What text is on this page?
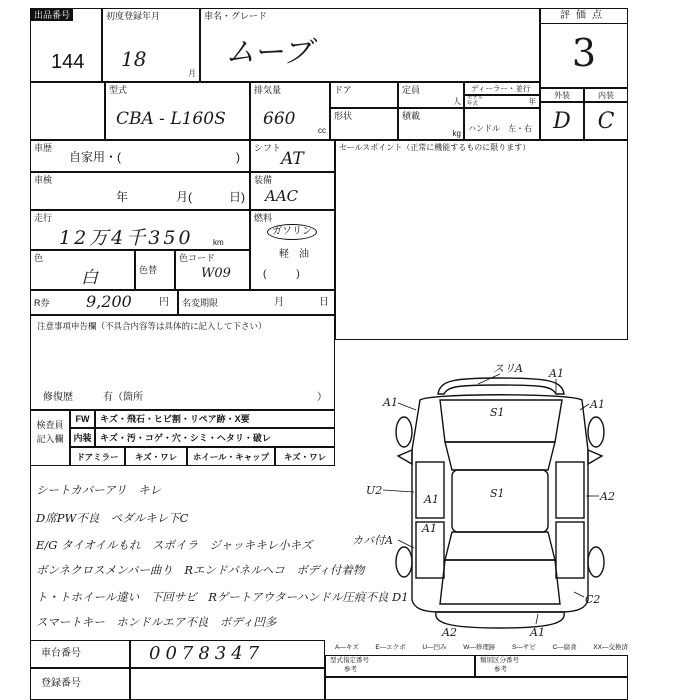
出品番号
144
初度登録年月
18
月
車名・グレード
ムーブ
評価点
3
外装	内装
D	C
型式
CBA - L160S
排気量
660
cc
ドア	定員
人
ディーラー・並行
モデル
年式	年
形状	積載
kg
ハンドル　左・右
車歴
自家用・(	)
シフト
AT
セールスポイント（正常に機能するものに限ります）
車検
年	月(	日)
装備
AAC
走行
12万4千350 km
燃料
ガソリン
軽油
(　　　)
色
白	色替
色コード
W09
R券 9,200	円 名変期限	月	日
注意事項申告欄（不具合内容等は具体的に記入して下さい）
修復歴	有（箇所	）
検査員
記入欄
FW	キズ・飛石・ヒビ割・リペア跡・X要
内装 キズ・汚・コゲ・穴・シミ・ヘタリ・破レ
ドアミラー	キズ・ワレ	ホイール・キャップ	キズ・ワレ
シートカバーアリ　キレ
D席PW不良　ペダルキレ下C
E/G タイオイルもれ　スポイラ　ジャッキキレ小キズ
ボンネクロスメンバー曲り　Rエンドパネルヘコ　ボディ付着物
ト・トホイール違い　下回サビ　Rゲートアウターハンドル圧痕不良 D1
スマートキー　ホンドルエア不良　ボディ凹多
A—キズ	E—エクボ	U—凹み	W—修理跡	S—サビ	C—腐食	XX—交換済
車台番号	0078347
登録番号
型式指定番号
参考
類別区分番号
参考
スリA A1
A1	A1
S1
S1
U2
A1	A2
A1
カバ付A
C2
A2	A1
